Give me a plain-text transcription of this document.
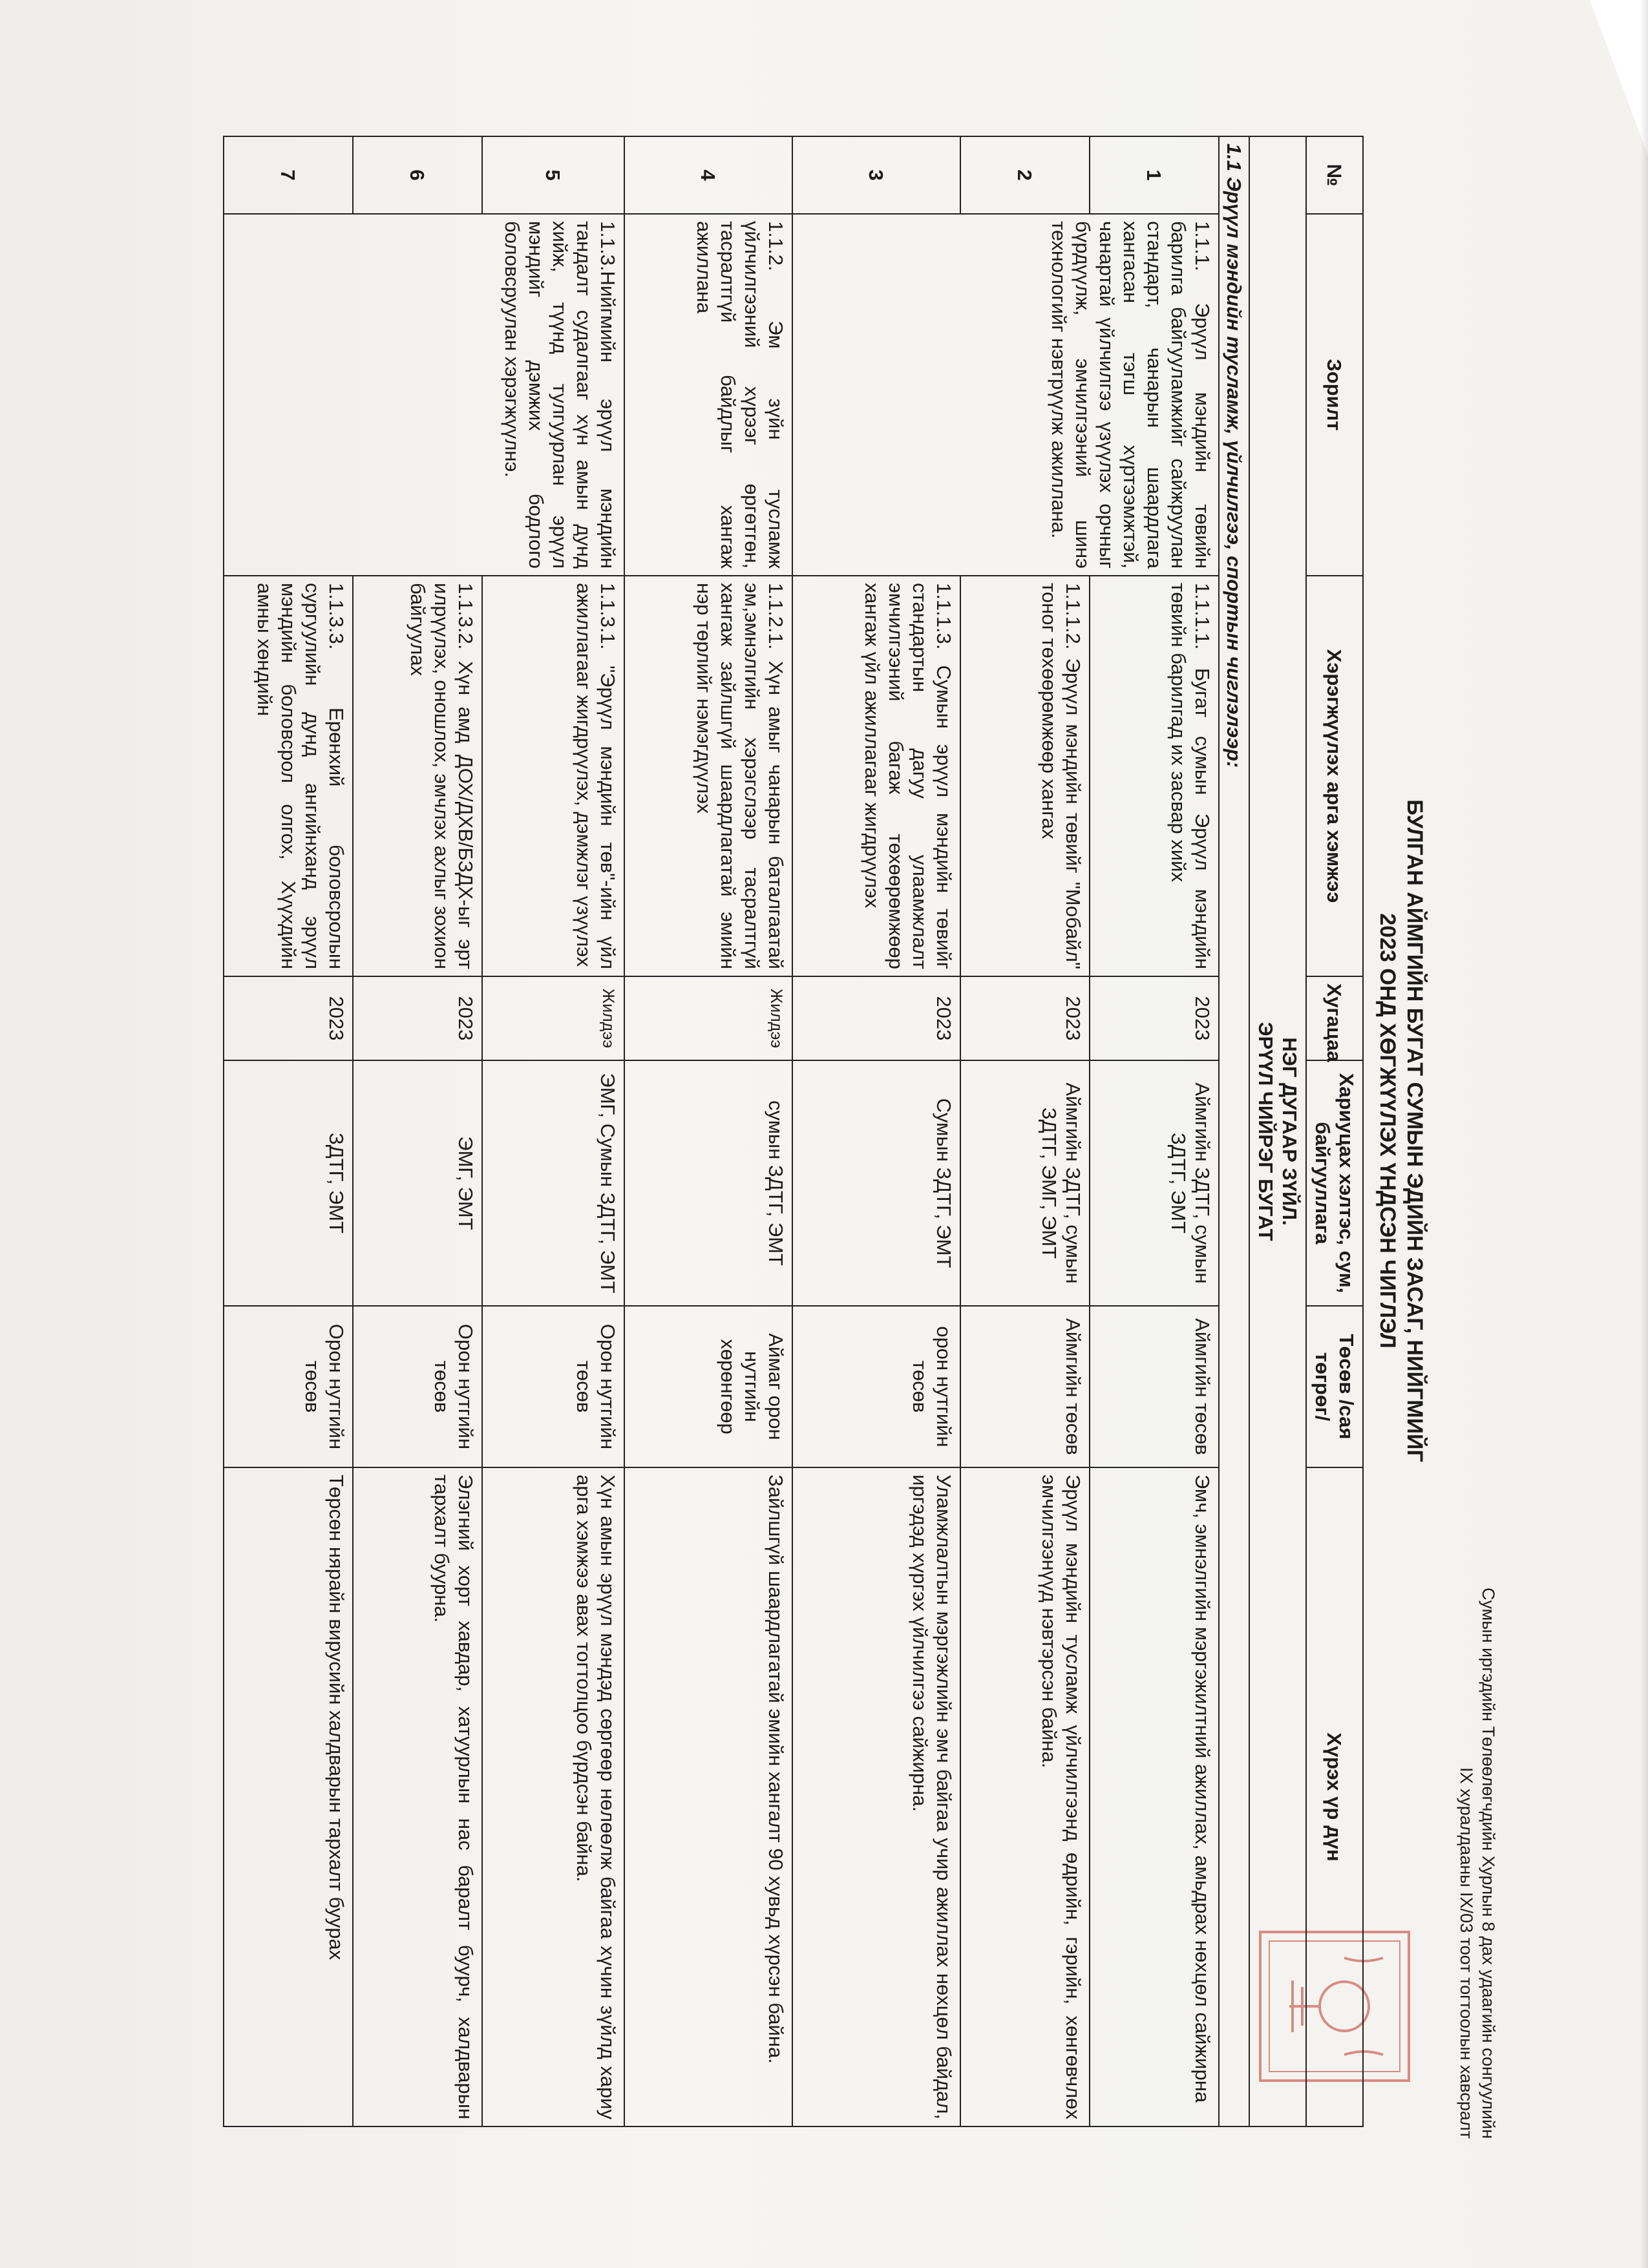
Сумын иргэдийн Төлөөлөгчдийн Хурлын 8 дах удаагийн сонгуулийн IX хуралдааны IX/03 тоот тогтоолын хавсралт
БУЛГАН АЙМГИЙН БУГАТ СУМЫН ЭДИЙН ЗАСАГ, НИЙГМИЙГ
2023 ОНД ХӨГЖҮҮЛЭХ ҮНДСЭН ЧИГЛЭЛ
№	Зорилт	Хэрэгжүүлэх арга хэмжээ	Хугацаа	Хариуцах хэлтэс, сум, байгууллага	Төсөв /сая төгрөг/	Хүрэх үр дүн

НЭГ ДУГААР ЗҮЙЛ.
ЭРҮҮЛ ЧИЙРЭГ БУГАТ						

1.1 Эрүүл мэндийн тусламж, үйлчилгээ, спортын чиглэлээр:						
1	1.1.1. Эрүүл мэндийн төвийн барилга байгууламжийг сайжруулан стандарт, чанарын шаардлага хангасан тэгш хүртээмжтэй, чанартай үйлчилгээ үзүүлэх орчныг бүрдүүлж, эмчилгээний шинэ технологийг нэвтрүүлж ажиллана.	1.1.1.1. Бугат сумын Эрүүл мэндийн төвийн барилгад их засвар хийх	2023	Аймгийн ЗДТГ, сумын ЗДТГ, ЭМТ	Аймгийн төсөв	Эмч, эмнэлгийн мэргэжилтний ажиллах, амьдрах нөхцөл сайжирна
2		1.1.1.2. Эрүүл мэндийн төвийг "Мобайл" тоног төхөөрөмжөөр хангах	2023	Аймгийн ЗДТГ, сумын ЗДТГ, ЭМГ, ЭМТ	Аймгийн төсөв	Эрүүл мэндийн тусламж үйлчилгээнд өдрийн, гэрийн, хөнгөвчлөх эмчилгээнүүд нэвтэрсэн байна.
3		1.1.1.3. Сумын эрүүл мэндийн төвийг стандартын дагуу улаамжлалт эмчилгээний багаж төхөөрөмжөөр хангаж үйл ажиллагааг жигдрүүлэх	2023	Сумын ЗДТГ, ЭМТ	орон нутгийн төсөв	Уламжлалтын мэргэжлийн эмч байгаа учир ажиллах нөхцөл байдал, иргэдэд хүргэх үйлчилгээ сайжирна.
4	1.1.2. Эм зүйн тусламж үйлчилгээний хүрээг өргөтгөн, тасралтгүй байдлыг хангаж ажиллана	1.1.2.1. Хүн амыг чанарын баталгаатай эм,эмнэлгийн хэрэгслээр тасралтгүй хангаж зайлшгүй шаардлагатай эмийн нэр төрлийг нэмэгдүүлэх	Жилдээ	сумын ЗДТГ, ЭМТ	Аймаг орон нутгийн хөрөнгөөр	Зайлшгүй шаардлагатай эмийн хангалт 90 хувьд хүрсэн байна.
5	1.1.3.Нийгмийн эрүүл мэндийн тандалт судалгааг хүн амын дунд хийж, түүнд тулгуурлан эрүүл мэндийг дэмжих бодлого боловсруулан хэрэгжүүлнэ.	1.1.3.1. "Эрүүл мэндийн төв"-ийн үйл ажиллагааг жигдрүүлэх, дэмжлэг үзүүлэх	Жилдээ	ЭМГ, Сумын ЗДТГ, ЭМТ	Орон нутгийн төсөв	Хүн амын эрүүл мэндэд сөргөөр нөлөөлж байгаа хүчин зүйлд хариу арга хэмжээ авах тогтолцоо бүрдсэн байна.
6		1.1.3.2. Хүн амд ДОХ/ДХВ/БЗДХ-ыг эрт илрүүлэх, оношлох, эмчлэх ахлыг зохион байгуулах	2023	ЭМГ, ЭМТ	Орон нутгийн төсөв	Элэгний хорт хавдар, хатуурлын нас баралт буурч, халдварын тархалт буурна.
7		1.1.3.3. Ерөнхий боловсролын сургуулийн дунд ангийнханд эрүүл мэндийн боловсрол олгох, Хүүхдийн амны хөндийн	2023	ЗДТГ, ЭМТ	Орон нутгийн төсөв	Төрсөн нярайн вирусийн халдварын тархалт буурах
